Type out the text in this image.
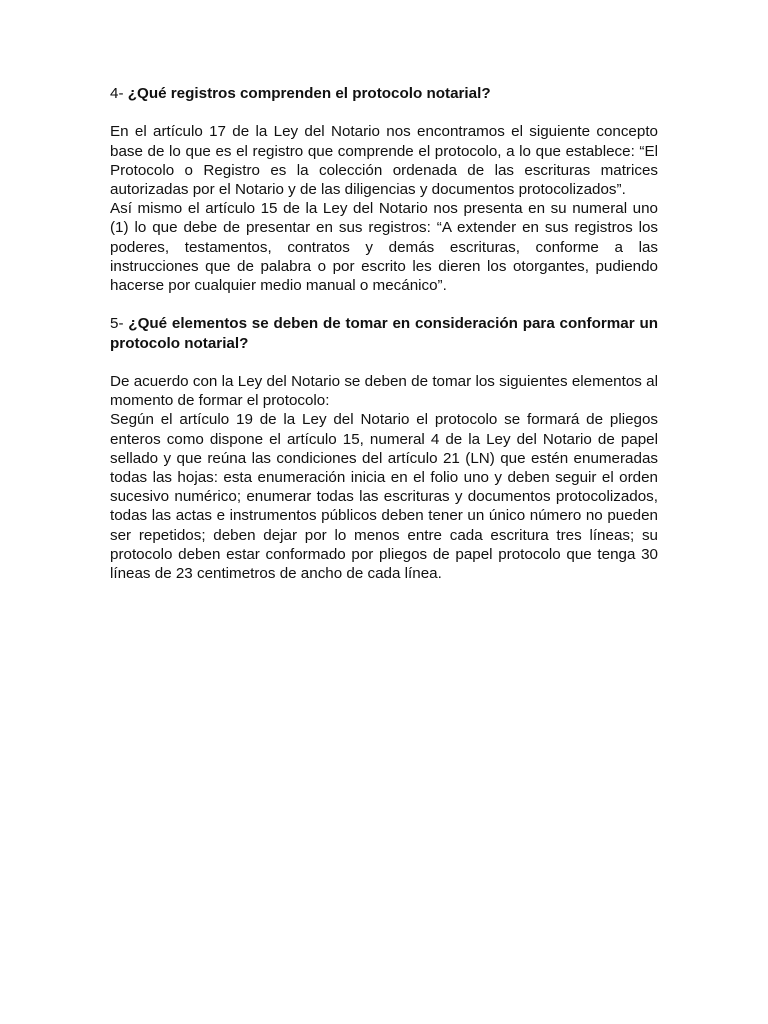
4- ¿Qué registros comprenden el protocolo notarial?

En el artículo 17 de la Ley del Notario nos encontramos el siguiente concepto base de lo que es el registro que comprende el protocolo, a lo que establece: “El Protocolo o Registro es la colección ordenada de las escrituras matrices autorizadas por el Notario y de las diligencias y documentos protocolizados”.

Así mismo el artículo 15 de la Ley del Notario nos presenta en su numeral uno (1) lo que debe de presentar en sus registros: “A extender en sus registros los poderes, testamentos, contratos y demás escrituras, conforme a las instrucciones que de palabra o por escrito les dieren los otorgantes, pudiendo hacerse por cualquier medio manual o mecánico”.

5- ¿Qué elementos se deben de tomar en consideración para conformar un protocolo notarial?

De acuerdo con la Ley del Notario se deben de tomar los siguientes elementos al momento de formar el protocolo:

Según el artículo 19 de la Ley del Notario el protocolo se formará de pliegos enteros como dispone el artículo 15, numeral 4 de la Ley del Notario de papel sellado y que reúna las condiciones del artículo 21 (LN) que estén enumeradas todas las hojas: esta enumeración inicia en el folio uno y deben seguir el orden sucesivo numérico; enumerar todas las escrituras y documentos protocolizados, todas las actas e instrumentos públicos deben tener un único número no pueden ser repetidos; deben dejar por lo menos entre cada escritura tres líneas; su protocolo deben estar conformado por pliegos de papel protocolo que tenga 30 líneas de 23 centimetros de ancho de cada línea.
